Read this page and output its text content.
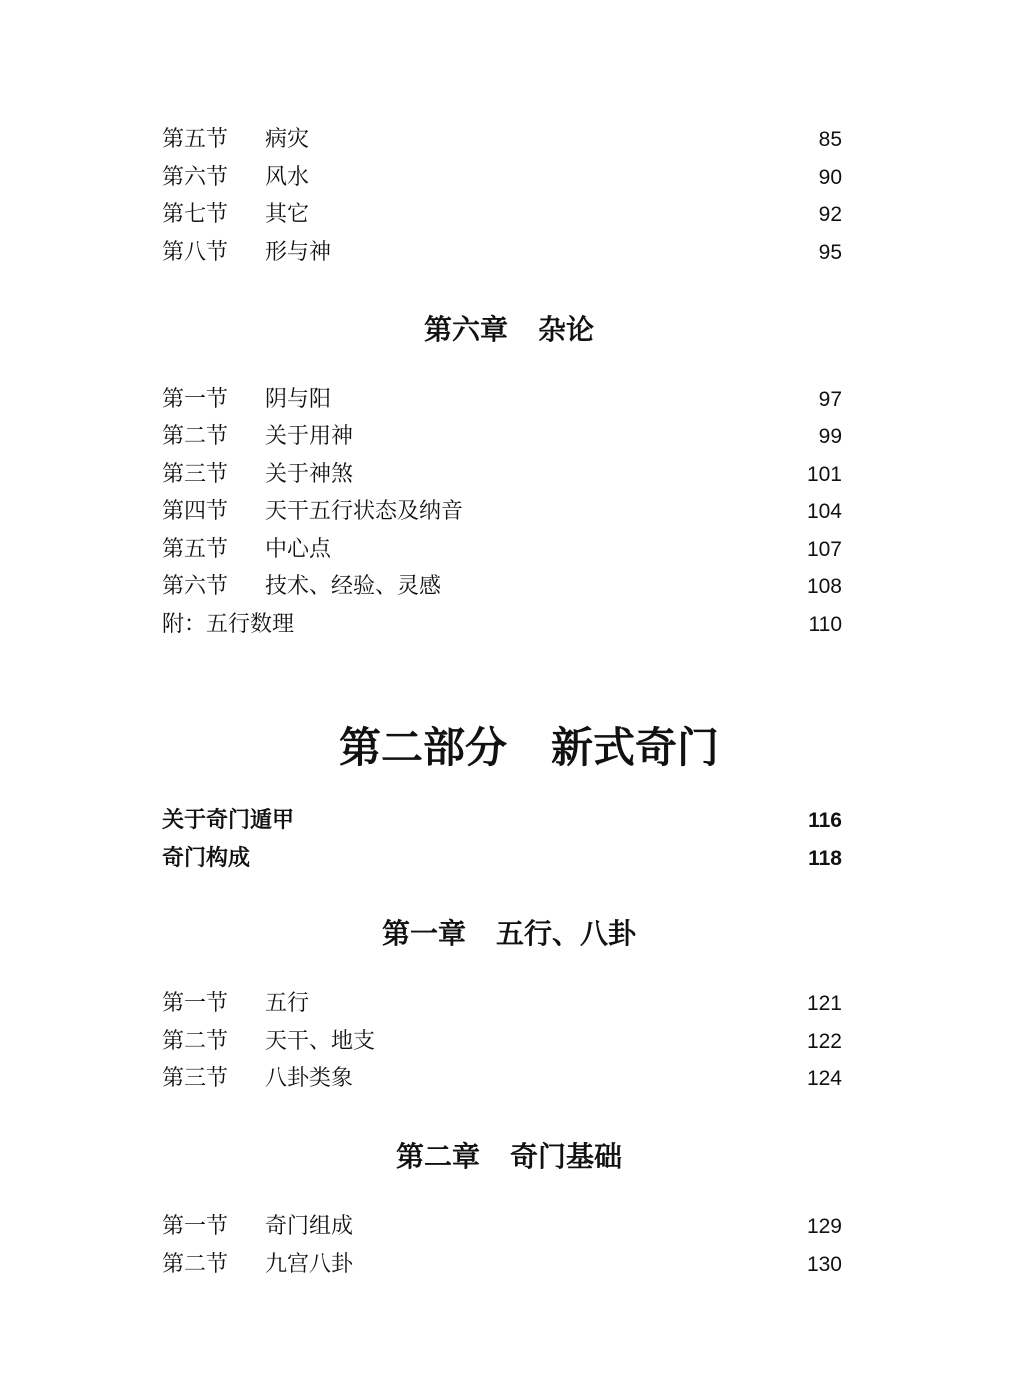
第五节 病灾	85
第六节 风水	90
第七节 其它	92
第八节 形与神	95
第六章 杂论
第一节 阴与阳	97
第二节 关于用神	99
第三节 关于神煞	101
第四节 天干五行状态及纳音	104
第五节 中心点	107
第六节 技术、经验、灵感	108
附：五行数理	110
第二部分 新式奇门
关于奇门遁甲	116
奇门构成	118
第一章 五行、八卦
第一节 五行	121
第二节 天干、地支	122
第三节 八卦类象	124
第二章 奇门基础
第一节 奇门组成	129
第二节 九宫八卦	130
